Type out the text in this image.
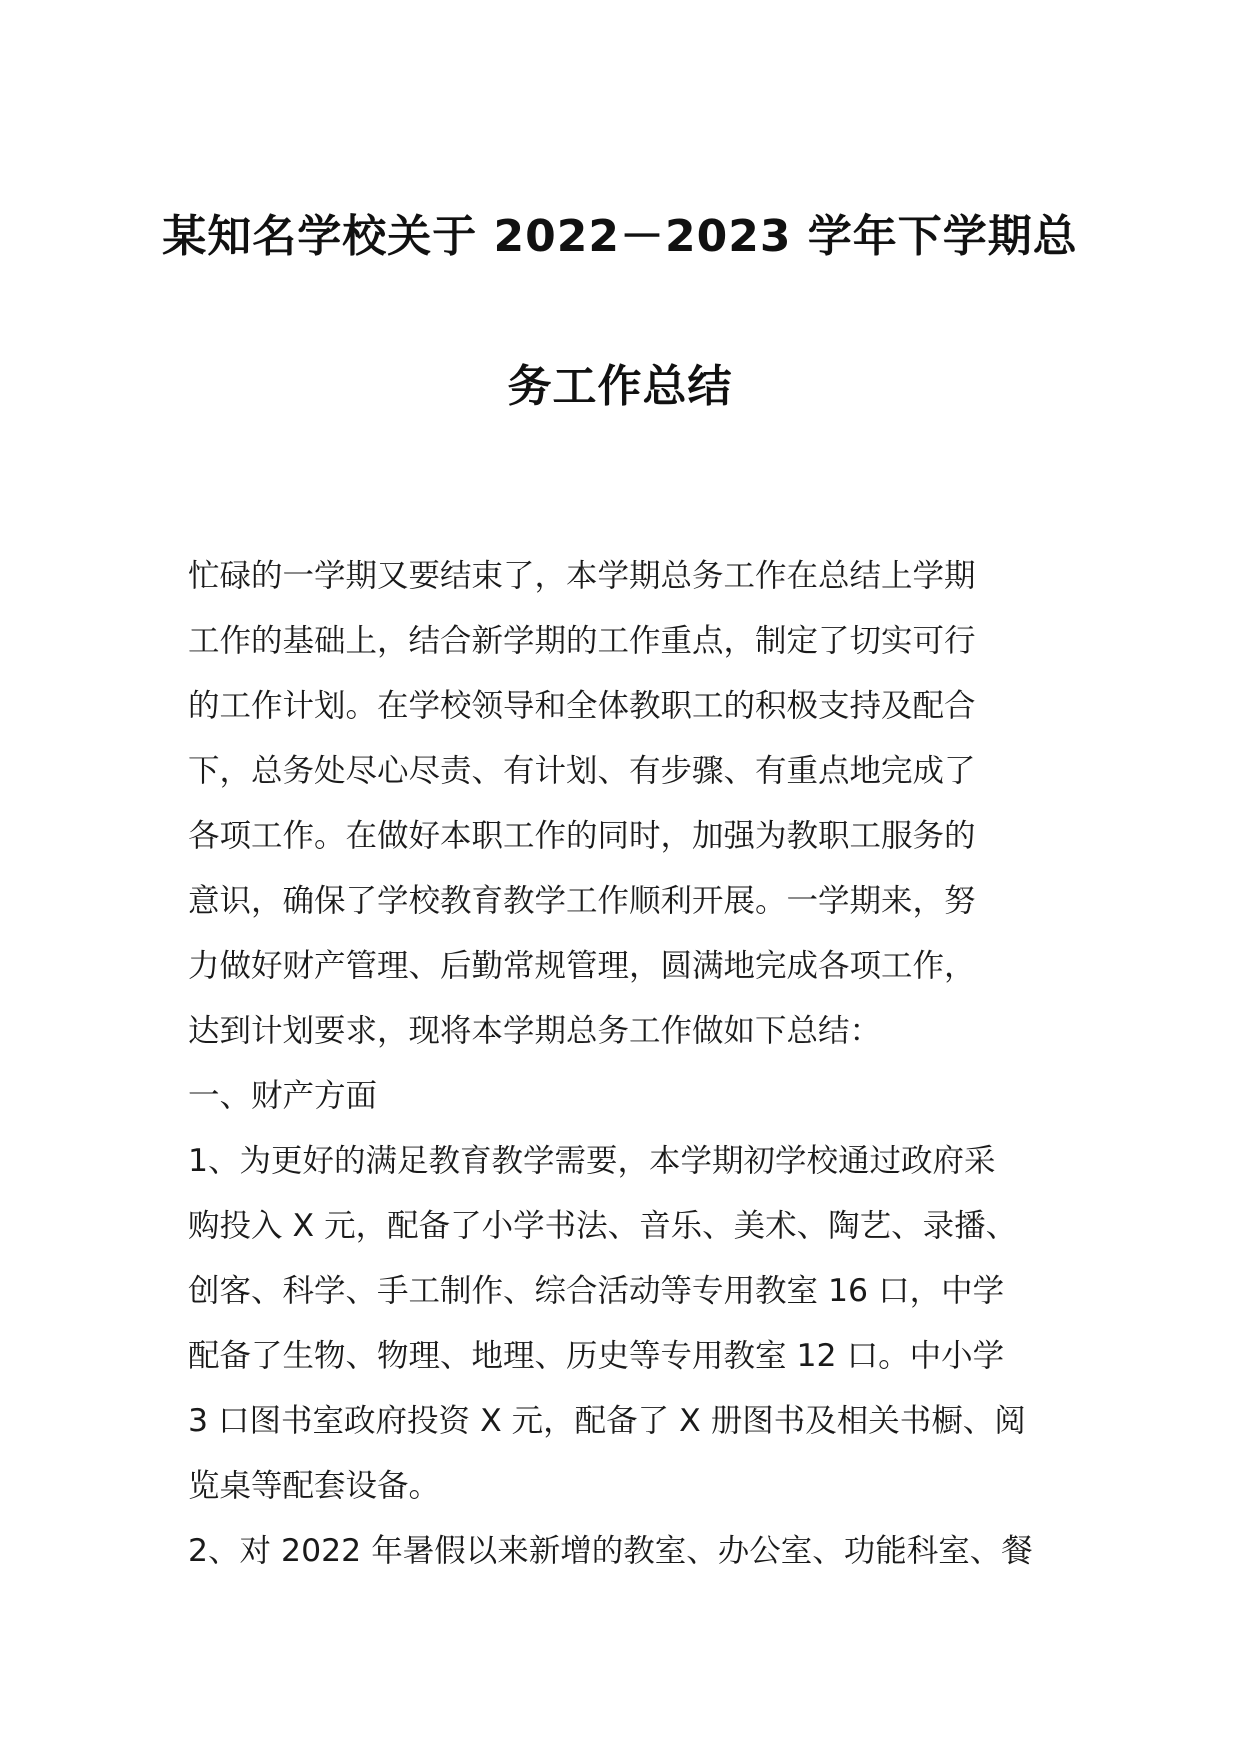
某知名学校关于 2022－2023 学年下学期总
务工作总结
忙碌的一学期又要结束了，本学期总务工作在总结上学期
工作的基础上，结合新学期的工作重点，制定了切实可行
的工作计划。在学校领导和全体教职工的积极支持及配合
下，总务处尽心尽责、有计划、有步骤、有重点地完成了
各项工作。在做好本职工作的同时，加强为教职工服务的
意识，确保了学校教育教学工作顺利开展。一学期来，努
力做好财产管理、后勤常规管理，圆满地完成各项工作，
达到计划要求，现将本学期总务工作做如下总结：
一、财产方面
1、为更好的满足教育教学需要，本学期初学校通过政府采
购投入 X 元，配备了小学书法、音乐、美术、陶艺、录播、
创客、科学、手工制作、综合活动等专用教室 16 口，中学
配备了生物、物理、地理、历史等专用教室 12 口。中小学
3 口图书室政府投资 X 元，配备了 X 册图书及相关书橱、阅
览桌等配套设备。
2、对 2022 年暑假以来新增的教室、办公室、功能科室、餐
